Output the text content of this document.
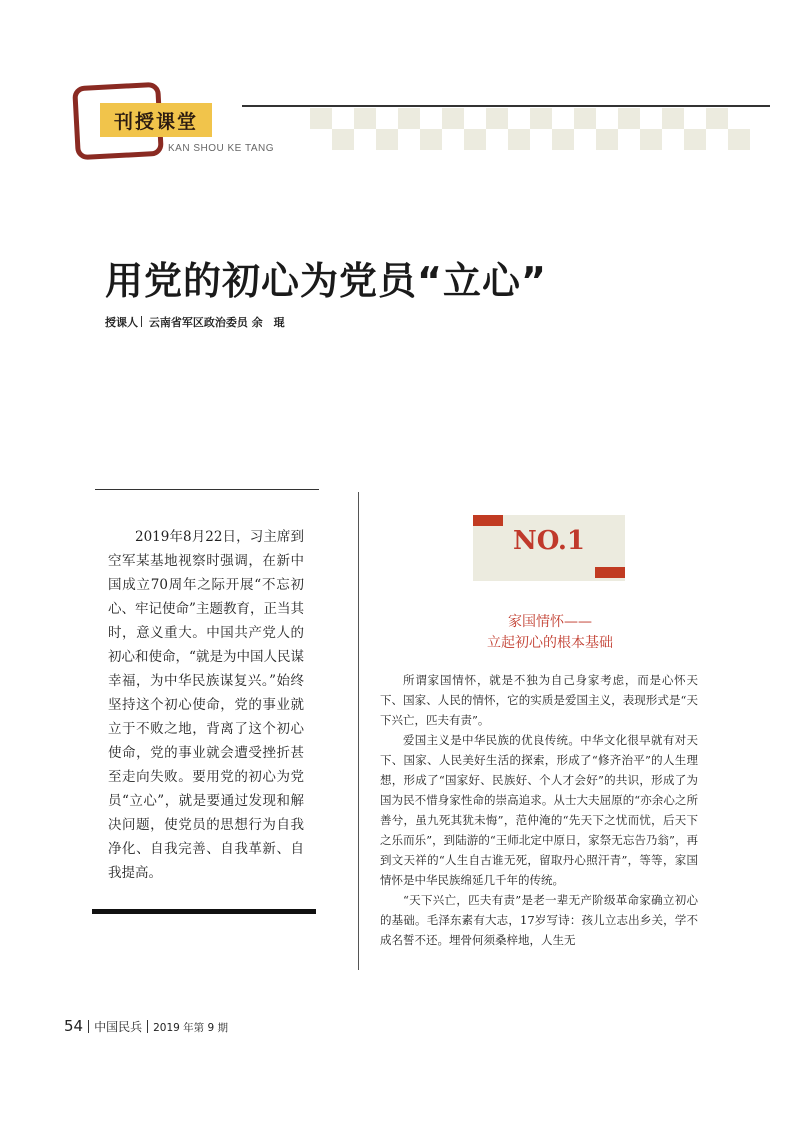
刊授课堂
KAN SHOU KE TANG
用党的初心为党员“立心”
授课人 云南省军区政治委员 余　琨
2019年8月22日，习主席到空军某基地视察时强调，在新中国成立70周年之际开展“不忘初心、牢记使命”主题教育，正当其时，意义重大。中国共产党人的初心和使命，“就是为中国人民谋幸福，为中华民族谋复兴。”始终坚持这个初心使命，党的事业就立于不败之地，背离了这个初心使命，党的事业就会遭受挫折甚至走向失败。要用党的初心为党员“立心”，就是要通过发现和解决问题，使党员的思想行为自我净化、自我完善、自我革新、自我提高。
NO.1
家国情怀——
立起初心的根本基础

所谓家国情怀，就是不独为自己身家考虑，而是心怀天下、国家、人民的情怀，它的实质是爱国主义，表现形式是“天下兴亡，匹夫有责”。

爱国主义是中华民族的优良传统。中华文化很早就有对天下、国家、人民美好生活的探索，形成了“修齐治平”的人生理想，形成了“国家好、民族好、个人才会好”的共识，形成了为国为民不惜身家性命的崇高追求。从士大夫屈原的“亦余心之所善兮，虽九死其犹未悔”，范仲淹的“先天下之忧而忧，后天下之乐而乐”，到陆游的“王师北定中原日，家祭无忘告乃翁”，再到文天祥的“人生自古谁无死，留取丹心照汗青”，等等，家国情怀是中华民族绵延几千年的传统。

“天下兴亡，匹夫有责”是老一辈无产阶级革命家确立初心的基础。毛泽东素有大志，17岁写诗：孩儿立志出乡关，学不成名誓不还。埋骨何须桑梓地，人生无

54 中国民兵 2019 年第 9 期
